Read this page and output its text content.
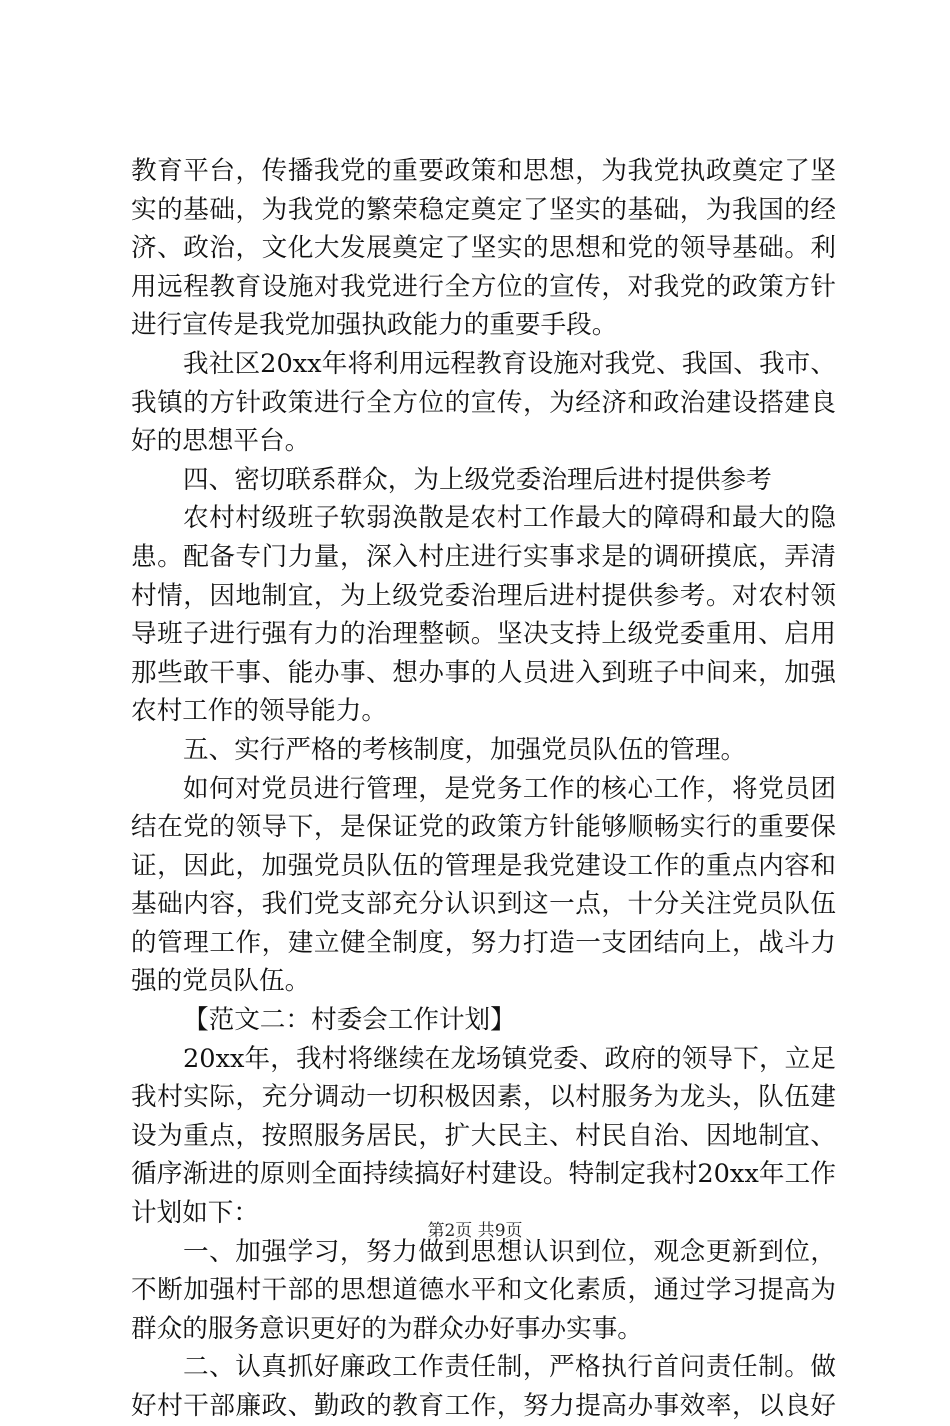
教育平台，传播我党的重要政策和思想，为我党执政奠定了坚
实的基础，为我党的繁荣稳定奠定了坚实的基础，为我国的经
济、政治，文化大发展奠定了坚实的思想和党的领导基础。利
用远程教育设施对我党进行全方位的宣传，对我党的政策方针
进行宣传是我党加强执政能力的重要手段。
我社区20xx年将利用远程教育设施对我党、我国、我市、
我镇的方针政策进行全方位的宣传，为经济和政治建设搭建良
好的思想平台。
四、密切联系群众，为上级党委治理后进村提供参考
农村村级班子软弱涣散是农村工作最大的障碍和最大的隐
患。配备专门力量，深入村庄进行实事求是的调研摸底，弄清
村情，因地制宜，为上级党委治理后进村提供参考。对农村领
导班子进行强有力的治理整顿。坚决支持上级党委重用、启用
那些敢干事、能办事、想办事的人员进入到班子中间来，加强
农村工作的领导能力。
五、实行严格的考核制度，加强党员队伍的管理。
如何对党员进行管理，是党务工作的核心工作，将党员团
结在党的领导下，是保证党的政策方针能够顺畅实行的重要保
证，因此，加强党员队伍的管理是我党建设工作的重点内容和
基础内容，我们党支部充分认识到这一点，十分关注党员队伍
的管理工作，建立健全制度，努力打造一支团结向上，战斗力
强的党员队伍。
【范文二：村委会工作计划】
20xx年，我村将继续在龙场镇党委、政府的领导下，立足
我村实际，充分调动一切积极因素，以村服务为龙头，队伍建
设为重点，按照服务居民，扩大民主、村民自治、因地制宜、
循序渐进的原则全面持续搞好村建设。特制定我村20xx年工作
计划如下：
一、加强学习，努力做到思想认识到位，观念更新到位，
不断加强村干部的思想道德水平和文化素质，通过学习提高为
群众的服务意识更好的为群众办好事办实事。
二、认真抓好廉政工作责任制，严格执行首问责任制。做
好村干部廉政、勤政的教育工作，努力提高办事效率，以良好
第2页 共9页
